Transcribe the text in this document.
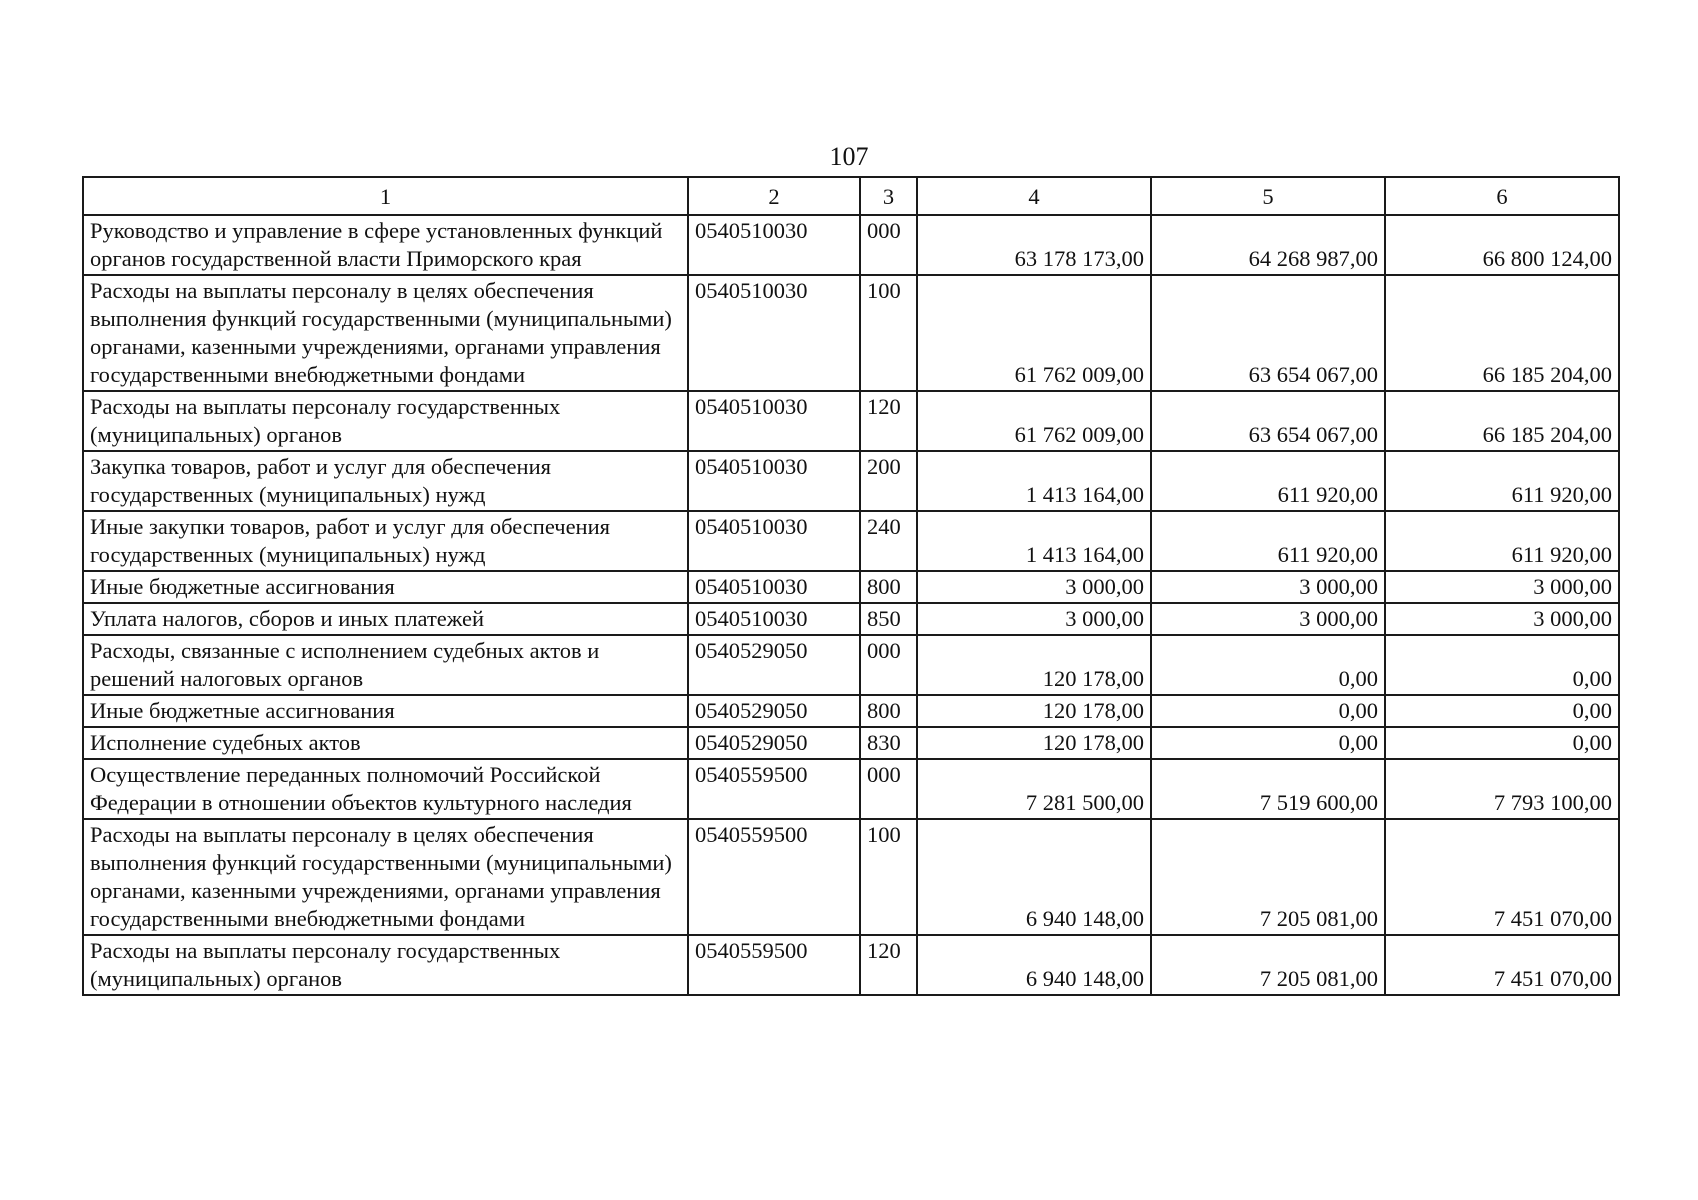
107
1	2	3	4	5	6
Руководство и управление в сфере установленных функций органов государственной власти Приморского края	0540510030	000	63 178 173,00	64 268 987,00	66 800 124,00
Расходы на выплаты персоналу в целях обеспечения выполнения функций государственными (муниципальными) органами, казенными учреждениями, органами управления государственными внебюджетными фондами	0540510030	100	61 762 009,00	63 654 067,00	66 185 204,00
Расходы на выплаты персоналу государственных (муниципальных) органов	0540510030	120	61 762 009,00	63 654 067,00	66 185 204,00
Закупка товаров, работ и услуг для обеспечения государственных (муниципальных) нужд	0540510030	200	1 413 164,00	611 920,00	611 920,00
Иные закупки товаров, работ и услуг для обеспечения государственных (муниципальных) нужд	0540510030	240	1 413 164,00	611 920,00	611 920,00
Иные бюджетные ассигнования	0540510030	800	3 000,00	3 000,00	3 000,00
Уплата налогов, сборов и иных платежей	0540510030	850	3 000,00	3 000,00	3 000,00
Расходы, связанные с исполнением судебных актов и решений налоговых органов	0540529050	000	120 178,00	0,00	0,00
Иные бюджетные ассигнования	0540529050	800	120 178,00	0,00	0,00
Исполнение судебных актов	0540529050	830	120 178,00	0,00	0,00
Осуществление переданных полномочий Российской Федерации в отношении объектов культурного наследия	0540559500	000	7 281 500,00	7 519 600,00	7 793 100,00
Расходы на выплаты персоналу в целях обеспечения выполнения функций государственными (муниципальными) органами, казенными учреждениями, органами управления государственными внебюджетными фондами	0540559500	100	6 940 148,00	7 205 081,00	7 451 070,00
Расходы на выплаты персоналу государственных (муниципальных) органов	0540559500	120	6 940 148,00	7 205 081,00	7 451 070,00
